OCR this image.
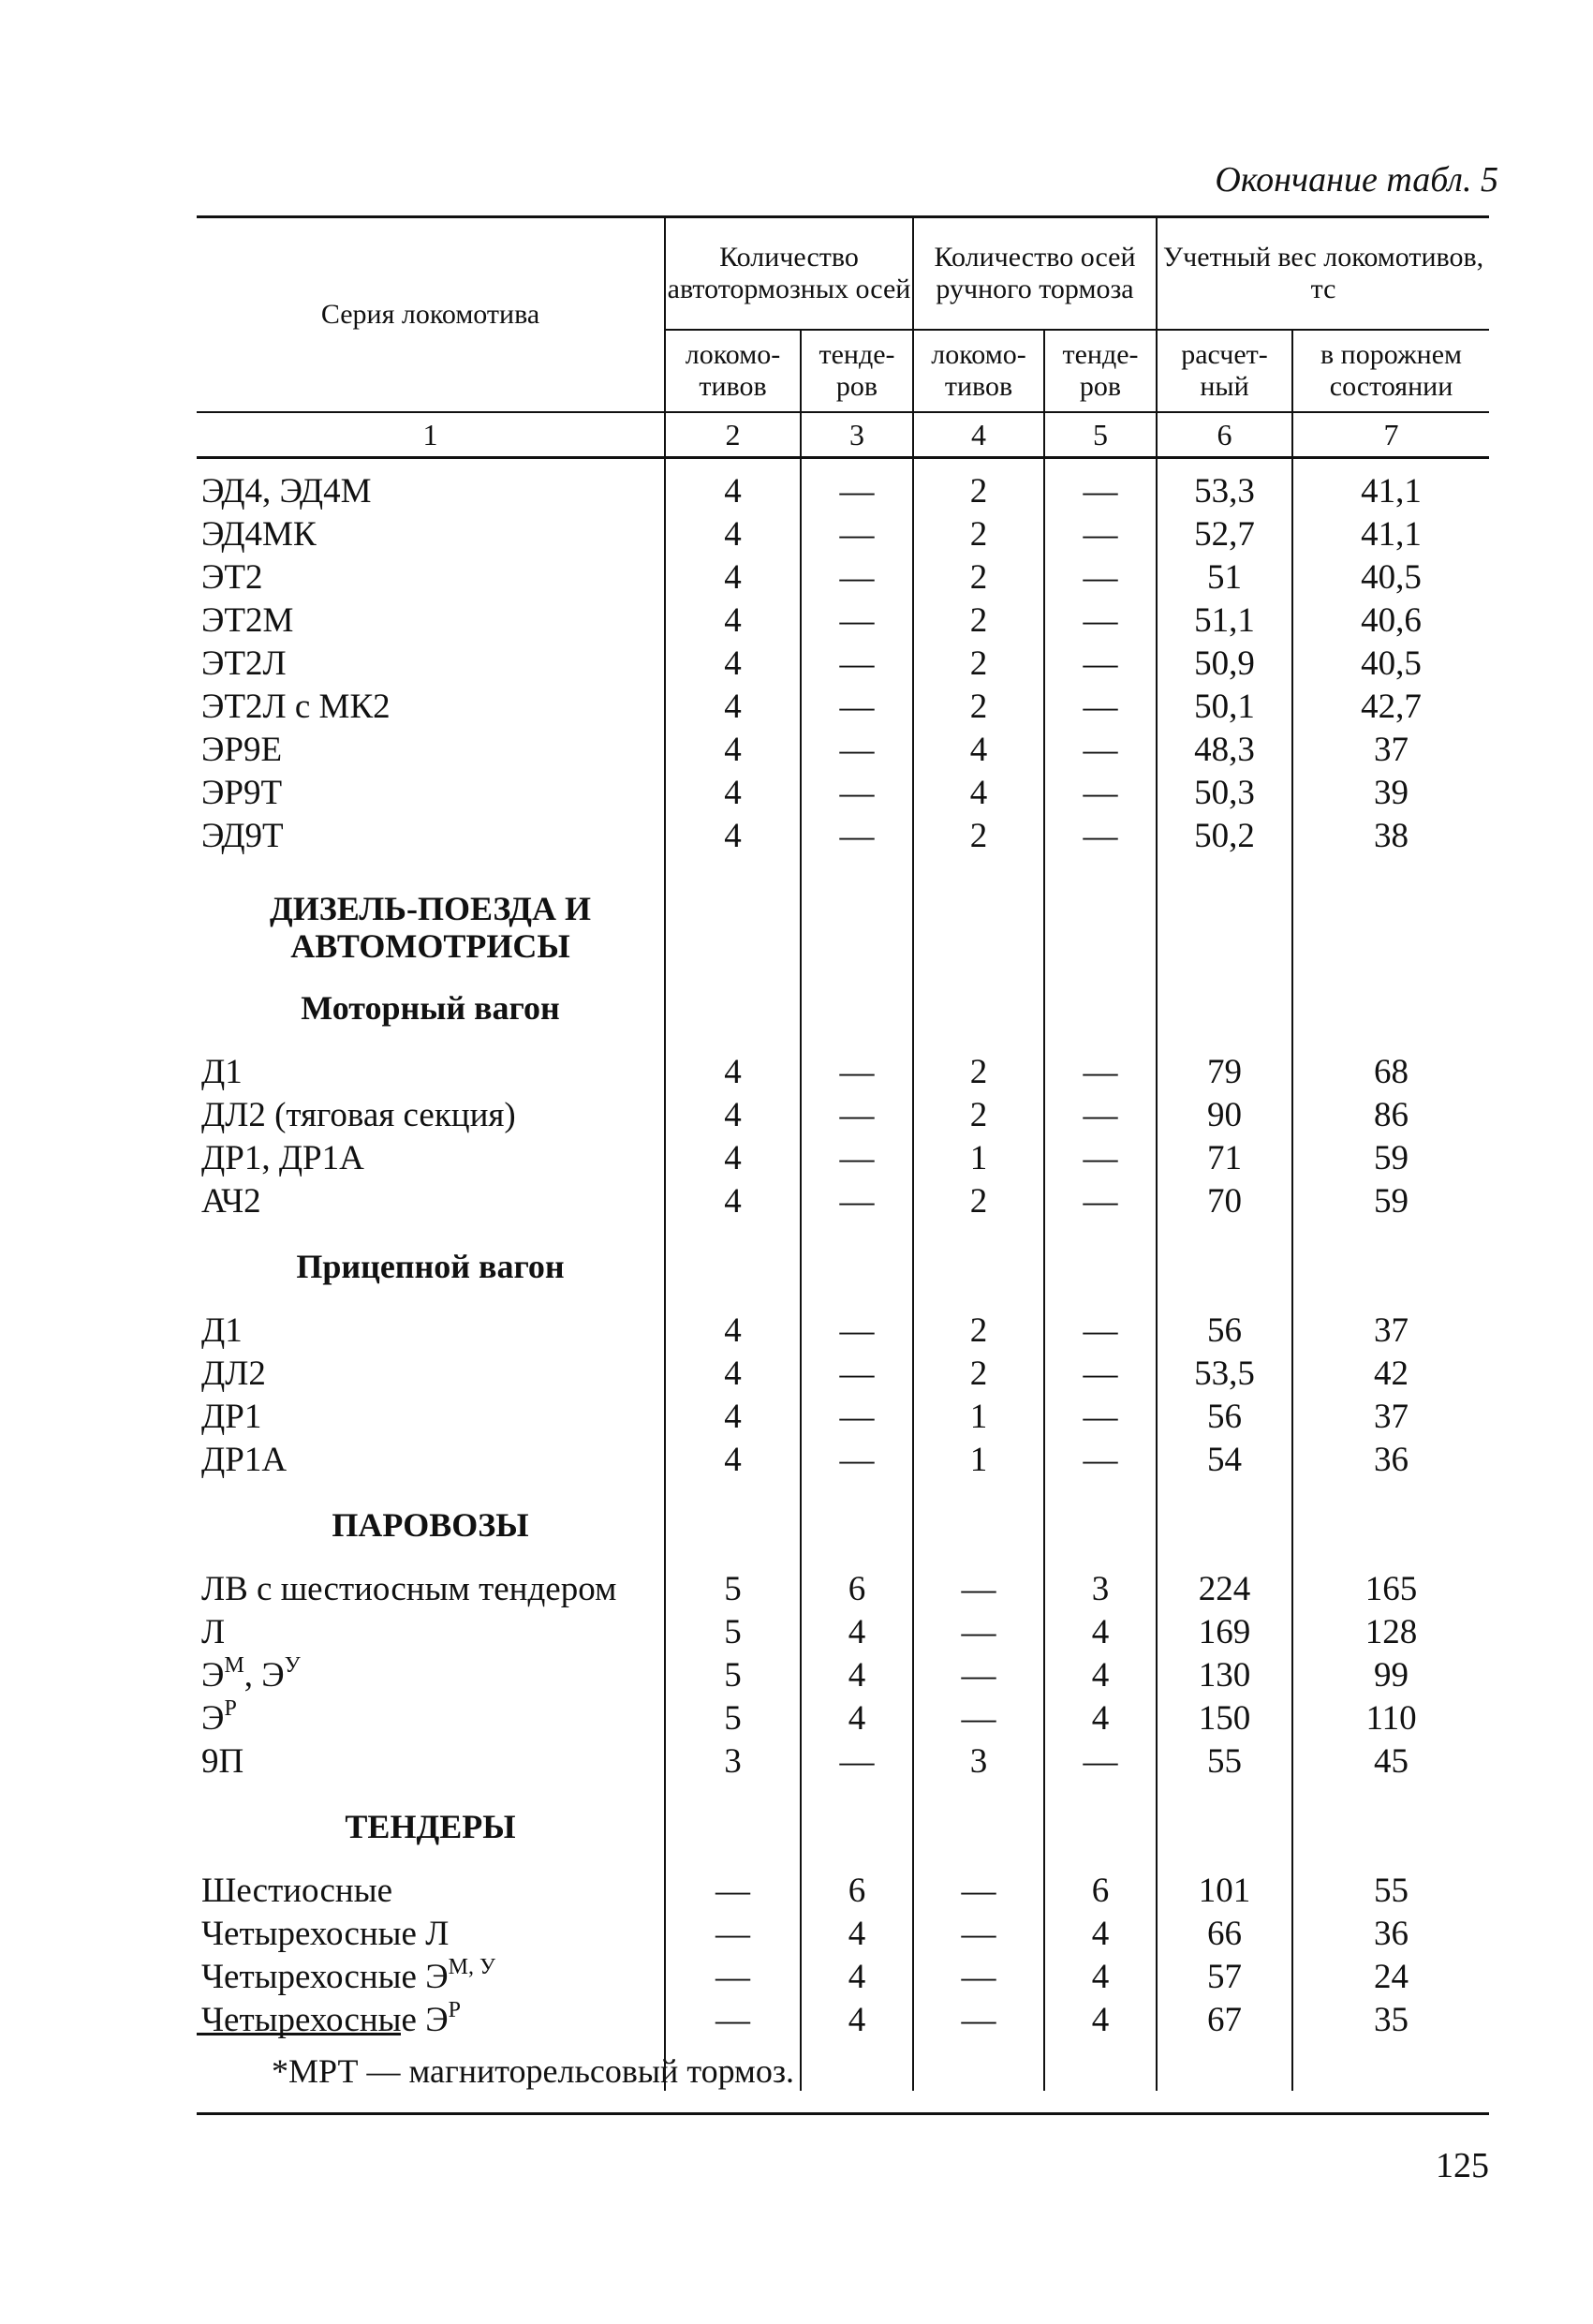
Окончание табл. 5
Серия локомотива	Количество автотормозных осей		Количество осей ручного тормоза		Учетный вес локомотивов, тс	
	локомо-тивов	тенде-ров	локомо-тивов	тенде-ров	расчет-ный	в порожнем состоянии
1	2	3	4	5	6	7
ЭД4, ЭД4М	4	—	2	—	53,3	41,1
ЭД4МК	4	—	2	—	52,7	41,1
ЭТ2	4	—	2	—	51	40,5
ЭТ2М	4	—	2	—	51,1	40,6
ЭТ2Л	4	—	2	—	50,9	40,5
ЭТ2Л с МК2	4	—	2	—	50,1	42,7
ЭР9Е	4	—	4	—	48,3	37
ЭР9Т	4	—	4	—	50,3	39
ЭД9Т	4	—	2	—	50,2	38
ДИЗЕЛЬ-ПОЕЗДА И АВТОМОТРИСЫ						
Моторный вагон						
Д1	4	—	2	—	79	68
ДЛ2 (тяговая секция)	4	—	2	—	90	86
ДР1, ДР1А	4	—	1	—	71	59
АЧ2	4	—	2	—	70	59
Прицепной вагон						
Д1	4	—	2	—	56	37
ДЛ2	4	—	2	—	53,5	42
ДР1	4	—	1	—	56	37
ДР1А	4	—	1	—	54	36
ПАРОВОЗЫ						
ЛВ с шестиосным тендером	5	6	—	3	224	165
Л	5	4	—	4	169	128
$Э^М$, $Э^У$	5	4	—	4	130	99
$Э^Р$	5	4	—	4	150	110
9П	3	—	3	—	55	45
ТЕНДЕРЫ						
Шестиосные	—	6	—	6	101	55
Четырехосные Л	—	4	—	4	66	36
Четырехосные $Э^{М, У}$	—	4	—	4	57	24
Четырехосные $Э^Р$	—	4	—	4	67	35
*МРТ — магниторельсовый тормоз.
125
